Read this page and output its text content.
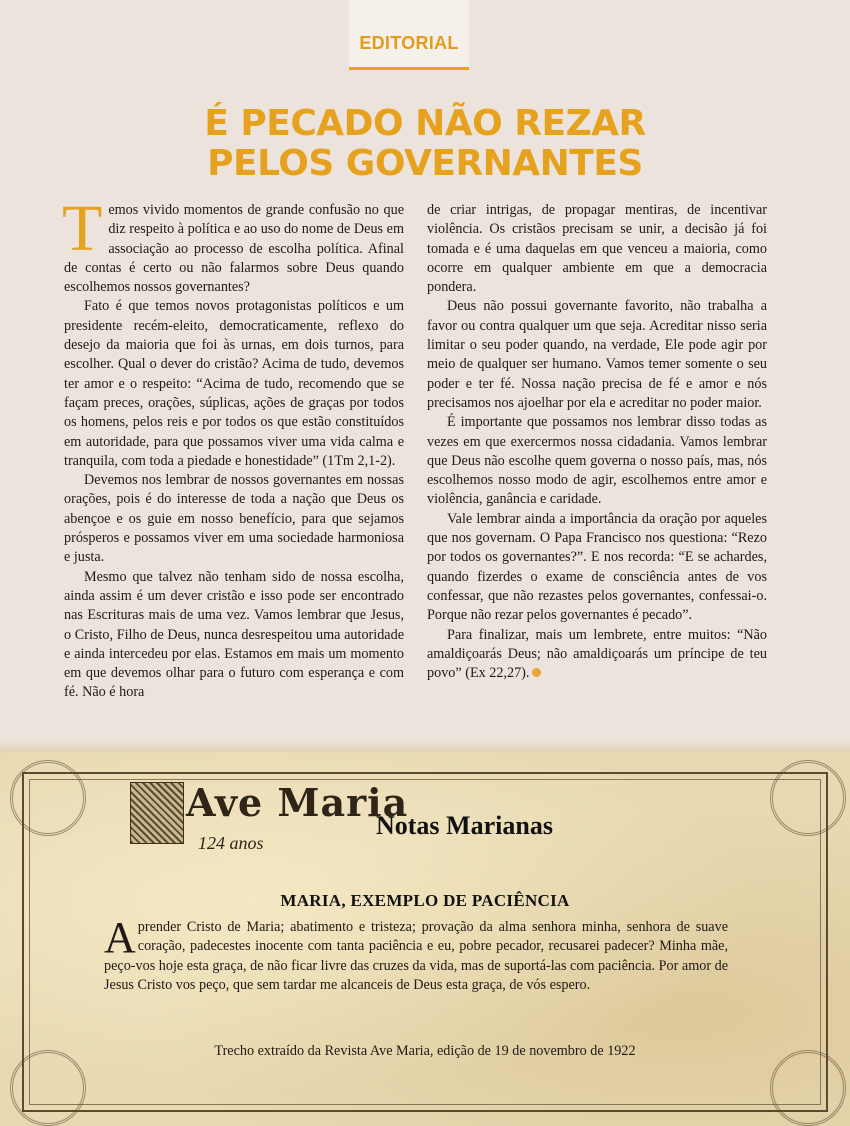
EDITORIAL
É PECADO NÃO REZAR
PELOS GOVERNANTES

Temos vivido momentos de grande confusão no que diz respeito à política e ao uso do nome de Deus em associação ao processo de escolha política. Afinal de contas é certo ou não falarmos sobre Deus quando escolhemos nossos governantes?

Fato é que temos novos protagonistas políticos e um presidente recém-eleito, democraticamente, reflexo do desejo da maioria que foi às urnas, em dois turnos, para escolher. Qual o dever do cristão? Acima de tudo, devemos ter amor e o respeito: “Acima de tudo, recomendo que se façam preces, orações, súplicas, ações de graças por todos os homens, pelos reis e por todos os que estão constituídos em autoridade, para que possamos viver uma vida calma e tranquila, com toda a piedade e honestidade” (1Tm 2,1-2).

Devemos nos lembrar de nossos governantes em nossas orações, pois é do interesse de toda a nação que Deus os abençoe e os guie em nosso benefício, para que sejamos prósperos e possamos viver em uma sociedade harmoniosa e justa.

Mesmo que talvez não tenham sido de nossa escolha, ainda assim é um dever cristão e isso pode ser encontrado nas Escrituras mais de uma vez. Vamos lembrar que Jesus, o Cristo, Filho de Deus, nunca desrespeitou uma autoridade e ainda intercedeu por elas. Estamos em mais um momento em que devemos olhar para o futuro com esperança e com fé. Não é hora

de criar intrigas, de propagar mentiras, de incentivar violência. Os cristãos precisam se unir, a decisão já foi tomada e é uma daquelas em que venceu a maioria, como ocorre em qualquer ambiente em que a democracia pondera.

Deus não possui governante favorito, não trabalha a favor ou contra qualquer um que seja. Acreditar nisso seria limitar o seu poder quando, na verdade, Ele pode agir por meio de qualquer ser humano. Vamos temer somente o seu poder e ter fé. Nossa nação precisa de fé e amor e nós precisamos nos ajoelhar por ela e acreditar no poder maior.

É importante que possamos nos lembrar disso todas as vezes em que exercermos nossa cidadania. Vamos lembrar que Deus não escolhe quem governa o nosso país, mas, nós escolhemos nosso modo de agir, escolhemos entre amor e violência, ganância e caridade.

Vale lembrar ainda a importância da oração por aqueles que nos governam. O Papa Francisco nos questiona: “Rezo por todos os governantes?”. E nos recorda: “E se achardes, quando fizerdes o exame de consciência antes de vos confessar, que não rezastes pelos governantes, confessai-o. Porque não rezar pelos governantes é pecado”.

Para finalizar, mais um lembrete, entre muitos: “Não amaldiçoarás Deus; não amaldiçoarás um príncipe de teu povo” (Ex 22,27).

Ave Maria
124 anos
Notas Marianas
MARIA, EXEMPLO DE PACIÊNCIA

Aprender Cristo de Maria; abatimento e tristeza; provação da alma senhora minha, senhora de suave coração, padecestes inocente com tanta paciência e eu, pobre pecador, recusarei padecer? Minha mãe, peço-vos hoje esta graça, de não ficar livre das cruzes da vida, mas de suportá-las com paciência. Por amor de Jesus Cristo vos peço, que sem tardar me alcanceis de Deus esta graça, de vós espero.

Trecho extraído da Revista Ave Maria, edição de 19 de novembro de 1922
